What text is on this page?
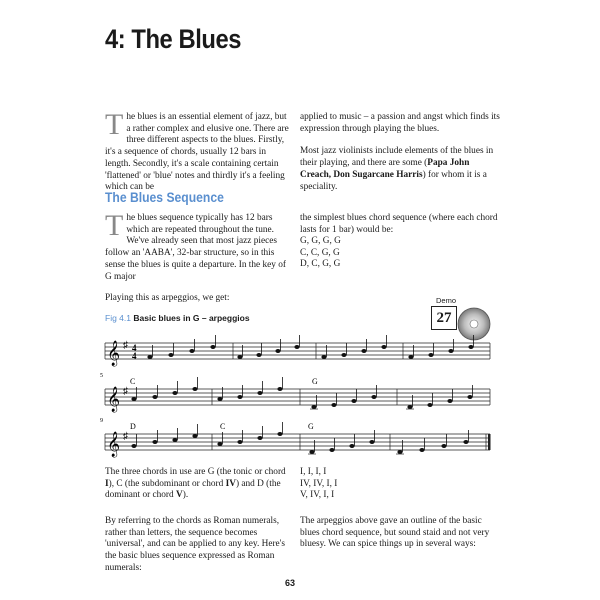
4: The Blues
The blues is an essential element of jazz, but a rather complex and elusive one. There are three different aspects to the blues. Firstly, it's a sequence of chords, usually 12 bars in length. Secondly, it's a scale containing certain 'flattened' or 'blue' notes and thirdly it's a feeling which can be

applied to music – a passion and angst which finds its expression through playing the blues.

Most jazz violinists include elements of the blues in their playing, and there are some (Papa John Creach, Don Sugarcane Harris) for whom it is a speciality.

The Blues Sequence
The blues sequence typically has 12 bars which are repeated throughout the tune. We've already seen that most jazz pieces follow an 'AABA', 32-bar structure, so in this sense the blues is quite a departure. In the key of G major

the simplest blues chord sequence (where each chord lasts for 1 bar) would be:

G, G, G, G
C, C, G, G
D, C, G, G
Playing this as arpeggios, we get:	Demo
27
Fig 4.1 Basic blues in G – arpeggios
𝄞 ♯ 4
4
5
C	G
𝄞 ♯
9
D	C	G
𝄞 ♯
The three chords in use are G (the tonic or chord I), C (the subdominant or chord IV) and D (the dominant or chord V).
I, I, I, I
IV, IV, I, I
V, IV, I, I
By referring to the chords as Roman numerals, rather than letters, the sequence becomes 'universal', and can be applied to any key. Here's the basic blues sequence expressed as Roman numerals:
The arpeggios above gave an outline of the basic blues chord sequence, but sound staid and not very bluesy. We can spice things up in several ways:
63
